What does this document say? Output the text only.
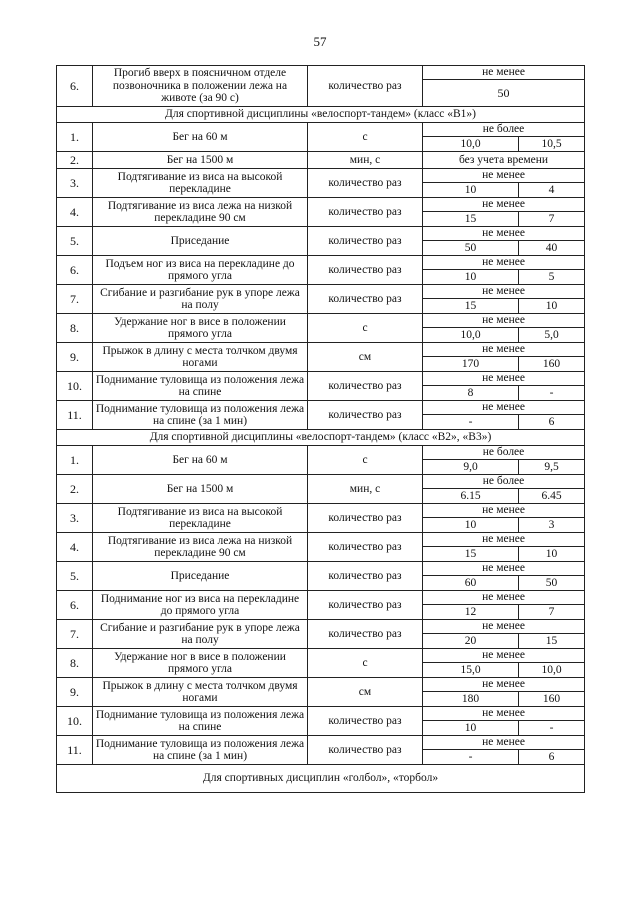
57
6.	Прогиб вверх в поясничном отделе позвоночника в положении лежа на животе (за 90 с)	количество раз	не менее	
			50	
Для спортивной дисциплины «велоспорт-тандем» (класс «В1»)				
1.	Бег на 60 м	с	не более	
			10,0	10,5
2.	Бег на 1500 м	мин, с	без учета времени	
3.	Подтягивание из виса на высокой перекладине	количество раз	не менее	
			10	4
4.	Подтягивание из виса лежа на низкой перекладине 90 см	количество раз	не менее	
			15	7
5.	Приседание	количество раз	не менее	
			50	40
6.	Подъем ног из виса на перекладине до прямого угла	количество раз	не менее	
			10	5
7.	Сгибание и разгибание рук в упоре лежа на полу	количество раз	не менее	
			15	10
8.	Удержание ног в висе в положении прямого угла	с	не менее	
			10,0	5,0
9.	Прыжок в длину с места толчком двумя ногами	см	не менее	
			170	160
10.	Поднимание туловища из положения лежа на спине	количество раз	не менее	
			8	-
11.	Поднимание туловища из положения лежа на спине (за 1 мин)	количество раз	не менее	
			-	6
Для спортивной дисциплины «велоспорт-тандем» (класс «В2», «В3»)				
1.	Бег на 60 м	с	не более	
			9,0	9,5
2.	Бег на 1500 м	мин, с	не более	
			6.15	6.45
3.	Подтягивание из виса на высокой перекладине	количество раз	не менее	
			10	3
4.	Подтягивание из виса лежа на низкой перекладине 90 см	количество раз	не менее	
			15	10
5.	Приседание	количество раз	не менее	
			60	50
6.	Поднимание ног из виса на перекладине до прямого угла	количество раз	не менее	
			12	7
7.	Сгибание и разгибание рук в упоре лежа на полу	количество раз	не менее	
			20	15
8.	Удержание ног в висе в положении прямого угла	с	не менее	
			15,0	10,0
9.	Прыжок в длину с места толчком двумя ногами	см	не менее	
			180	160
10.	Поднимание туловища из положения лежа на спине	количество раз	не менее	
			10	-
11.	Поднимание туловища из положения лежа на спине (за 1 мин)	количество раз	не менее	
			-	6
Для спортивных дисциплин «голбол», «торбол»				
